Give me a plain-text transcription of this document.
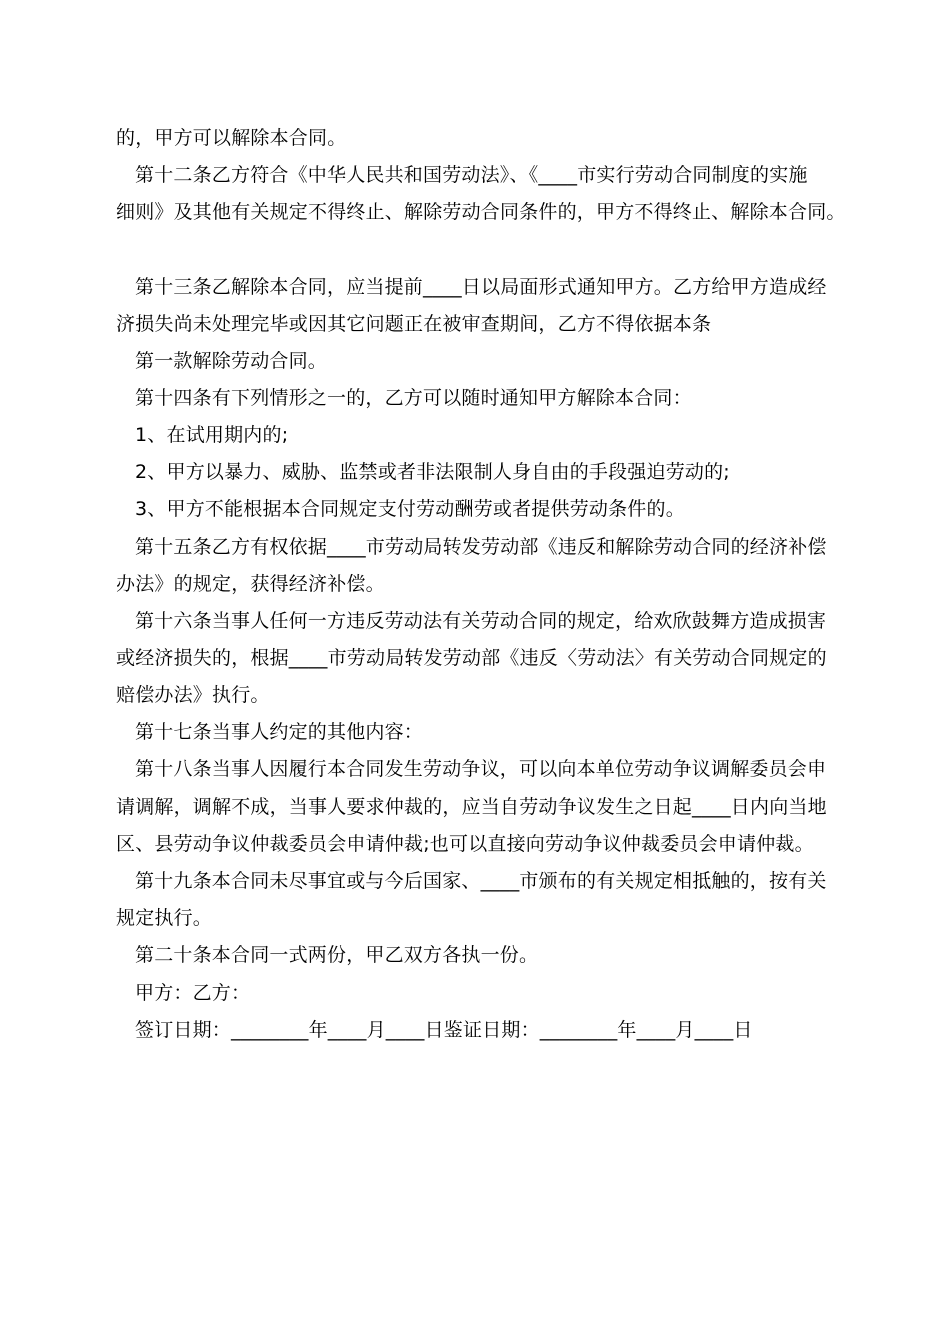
的，甲方可以解除本合同。
第十二条乙方符合《中华人民共和国劳动法》、《____市实行劳动合同制度的实施
细则》及其他有关规定不得终止、解除劳动合同条件的，甲方不得终止、解除本合同。
第十三条乙解除本合同，应当提前____日以局面形式通知甲方。乙方给甲方造成经
济损失尚未处理完毕或因其它问题正在被审查期间，乙方不得依据本条
第一款解除劳动合同。
第十四条有下列情形之一的，乙方可以随时通知甲方解除本合同：
1、在试用期内的;
2、甲方以暴力、威胁、监禁或者非法限制人身自由的手段强迫劳动的;
3、甲方不能根据本合同规定支付劳动酬劳或者提供劳动条件的。
第十五条乙方有权依据____市劳动局转发劳动部《违反和解除劳动合同的经济补偿
办法》的规定，获得经济补偿。
第十六条当事人任何一方违反劳动法有关劳动合同的规定，给欢欣鼓舞方造成损害
或经济损失的，根据____市劳动局转发劳动部《违反〈劳动法〉有关劳动合同规定的
赔偿办法》执行。
第十七条当事人约定的其他内容：
第十八条当事人因履行本合同发生劳动争议，可以向本单位劳动争议调解委员会申
请调解，调解不成，当事人要求仲裁的，应当自劳动争议发生之日起____日内向当地
区、县劳动争议仲裁委员会申请仲裁;也可以直接向劳动争议仲裁委员会申请仲裁。
第十九条本合同未尽事宜或与今后国家、____市颁布的有关规定相抵触的，按有关
规定执行。
第二十条本合同一式两份，甲乙双方各执一份。
甲方：乙方：
签订日期：________年____月____日鉴证日期：________年____月____日
